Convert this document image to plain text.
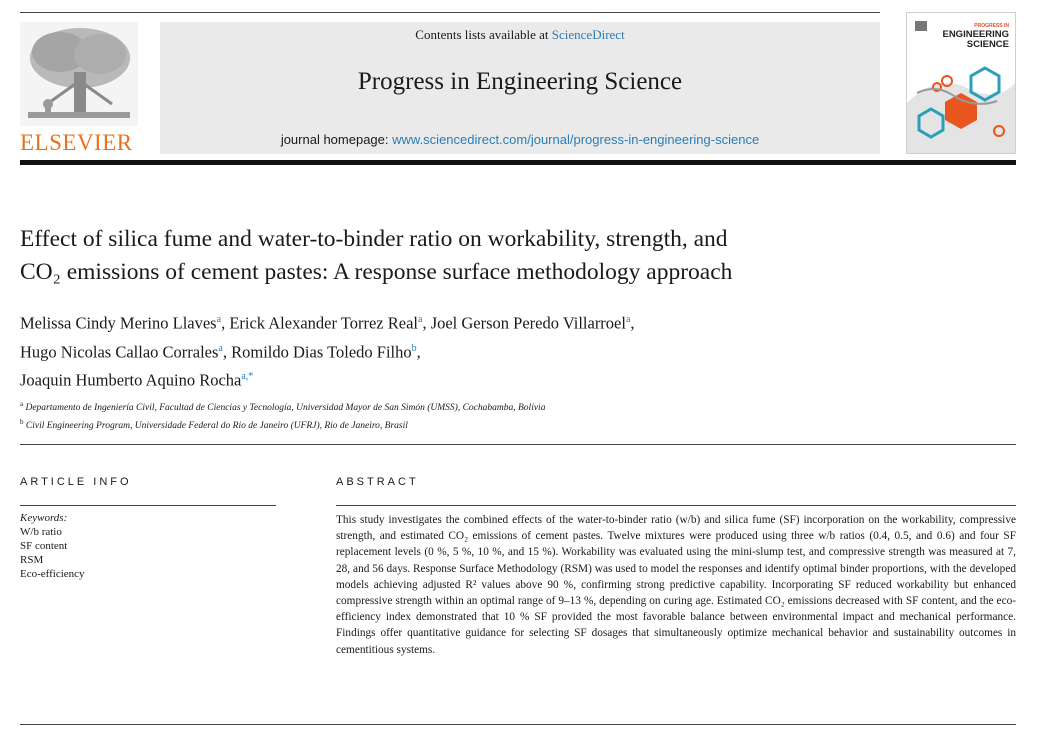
ELSEVIER
Contents lists available at ScienceDirect
Progress in Engineering Science
journal homepage: www.sciencedirect.com/journal/progress-in-engineering-science
PROGRESS IN
ENGINEERING
SCIENCE
Effect of silica fume and water-to-binder ratio on workability, strength, and
CO₂ emissions of cement pastes: A response surface methodology approach
Melissa Cindy Merino Llaves$^a$, Erick Alexander Torrez Real$^a$, Joel Gerson Peredo Villarroel$^a$,
Hugo Nicolas Callao Corrales$^a$, Romildo Dias Toledo Filho$^b$,
Joaquin Humberto Aquino Rocha$^{a,*}$
$^a$ Departamento de Ingeniería Civil, Facultad de Ciencias y Tecnología, Universidad Mayor de San Simón (UMSS), Cochabamba, Bolivia
$^b$ Civil Engineering Program, Universidade Federal do Rio de Janeiro (UFRJ), Rio de Janeiro, Brasil
ARTICLE INFO	ABSTRACT
Keywords:
W/b ratio
SF content
RSM
Eco-efficiency
This study investigates the combined effects of the water-to-binder ratio (w/b) and silica fume (SF) incorporation on the workability, compressive strength, and estimated CO₂ emissions of cement pastes. Twelve mixtures were produced using three w/b ratios (0.4, 0.5, and 0.6) and four SF replacement levels (0 %, 5 %, 10 %, and 15 %). Workability was evaluated using the mini-slump test, and compressive strength was measured at 7, 28, and 56 days. Response Surface Methodology (RSM) was used to model the responses and identify optimal binder proportions, with the developed models achieving adjusted R² values above 90 %, confirming strong predictive capability. Incorporating SF reduced workability but enhanced compressive strength within an optimal range of 9–13 %, depending on curing age. Estimated CO₂ emissions decreased with SF content, and the eco-efficiency index demonstrated that 10 % SF provided the most favorable balance between environmental impact and mechanical performance. Findings offer quantitative guidance for selecting SF dosages that simultaneously optimize mechanical behavior and sustainability outcomes in cementitious systems.
